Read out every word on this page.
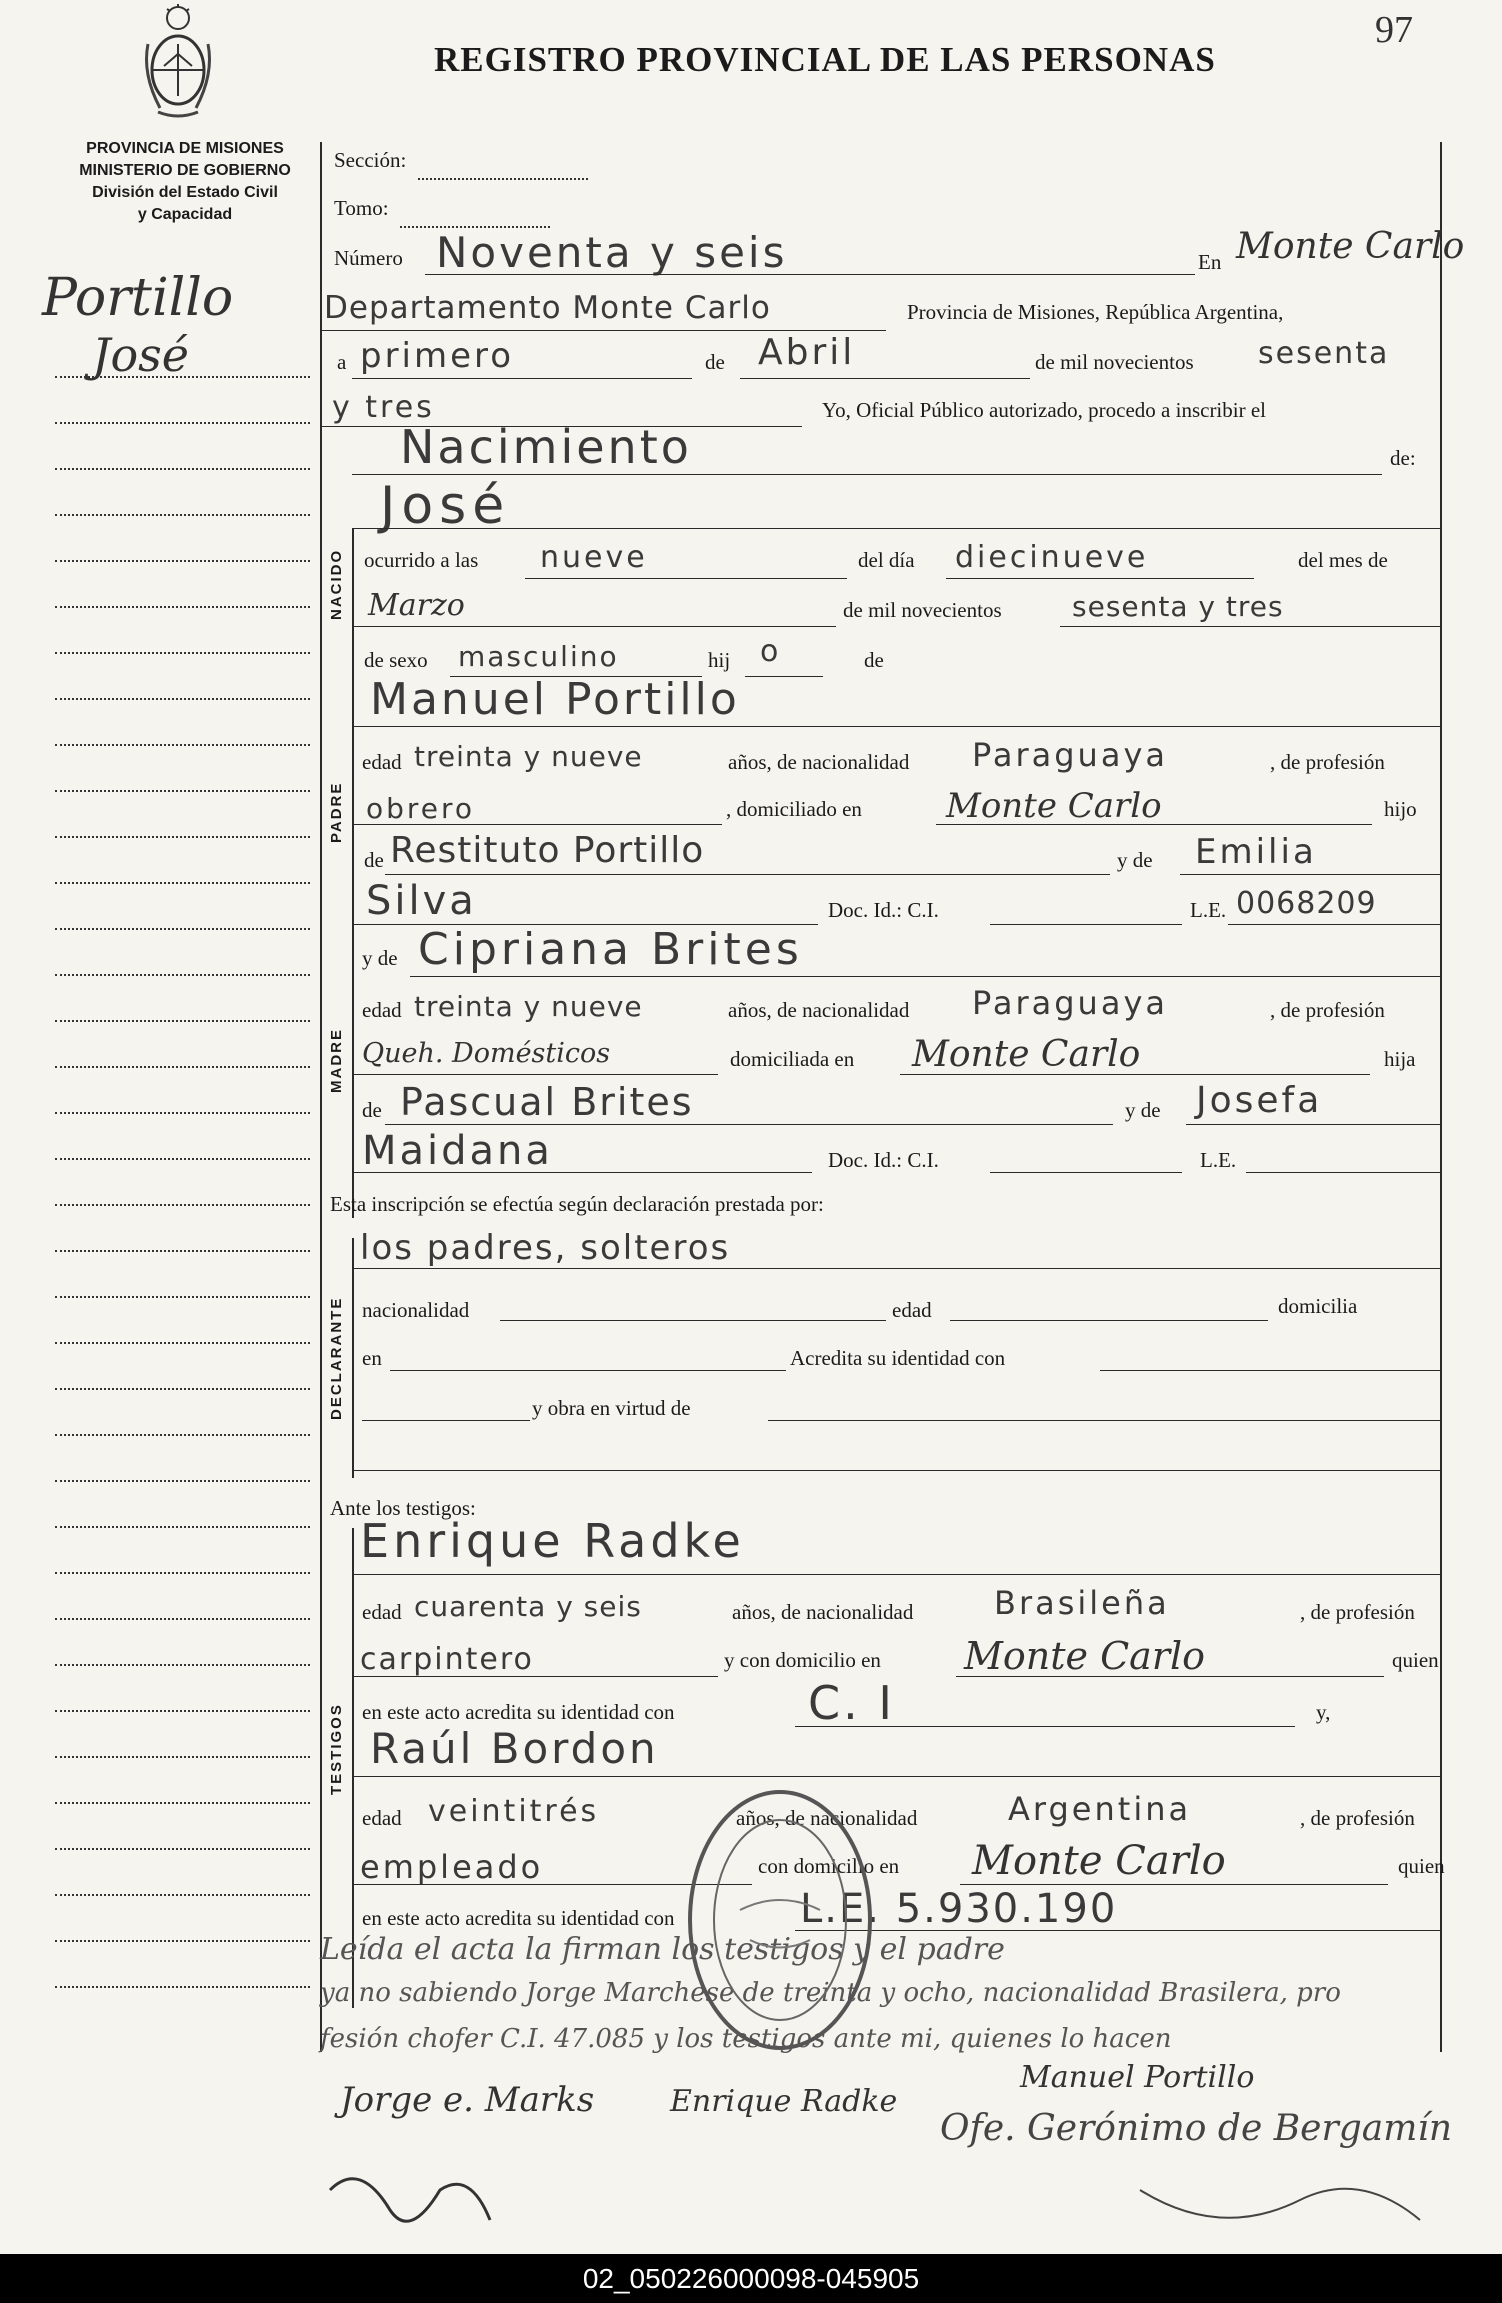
REGISTRO PROVINCIAL DE LAS PERSONAS
97
PROVINCIA DE MISIONES
MINISTERIO DE GOBIERNO
División del Estado Civil
y Capacidad
Portillo
José
NACIDO
PADRE
MADRE
DECLARANTE
TESTIGOS
Sección:
Tomo:
Número Noventa y seis	En Monte Carlo
Departamento Monte Carlo	Provincia de Misiones, República Argentina,
a primero	de Abril	de mil novecientos sesenta
y tres	Yo, Oficial Público autorizado, procedo a inscribir el
Nacimiento	de:
José
ocurrido a las nueve	del día diecinueve	del mes de
Marzo	de mil novecientos	sesenta y tres
de sexo masculino	hij o	de
Manuel Portillo
edad treinta y nueve	años, de nacionalidad Paraguaya	, de profesión
obrero	, domiciliado en Monte Carlo	hijo
de Restituto Portillo	y de Emilia
Silva	Doc. Id.: C.I.	L.E. 0068209
y de Cipriana Brites
edad treinta y nueve	años, de nacionalidad Paraguaya	, de profesión
Queh. Domésticos	domiciliada en Monte Carlo	hija
de Pascual Brites	y de Josefa
Maidana	Doc. Id.: C.I.	L.E.
Esta inscripción se efectúa según declaración prestada por:
los padres, solteros
nacionalidad	edad	domicilia
en	Acredita su identidad con
y obra en virtud de
Ante los testigos:
Enrique Radke
edad cuarenta y seis	años, de nacionalidad	Brasileña	, de profesión
carpintero	y con domicilio en Monte Carlo	quien
en este acto acredita su identidad con	C. I	y,
Raúl Bordon
edad veintitrés	años, de nacionalidad	Argentina	, de profesión
empleado	con domicilio en Monte Carlo	quien
en este acto acredita su identidad con	L.E. 5.930.190
Leída el acta la firman los testigos y el padre
ya no sabiendo Jorge Marchese de treinta y ocho, nacionalidad Brasilera, pro
fesión chofer C.I. 47.085 y los testigos ante mi, quienes lo hacen
Jorge e. Marks	Enrique Radke
Manuel Portillo
Ofe. Gerónimo de Bergamín
02_050226000098-045905
